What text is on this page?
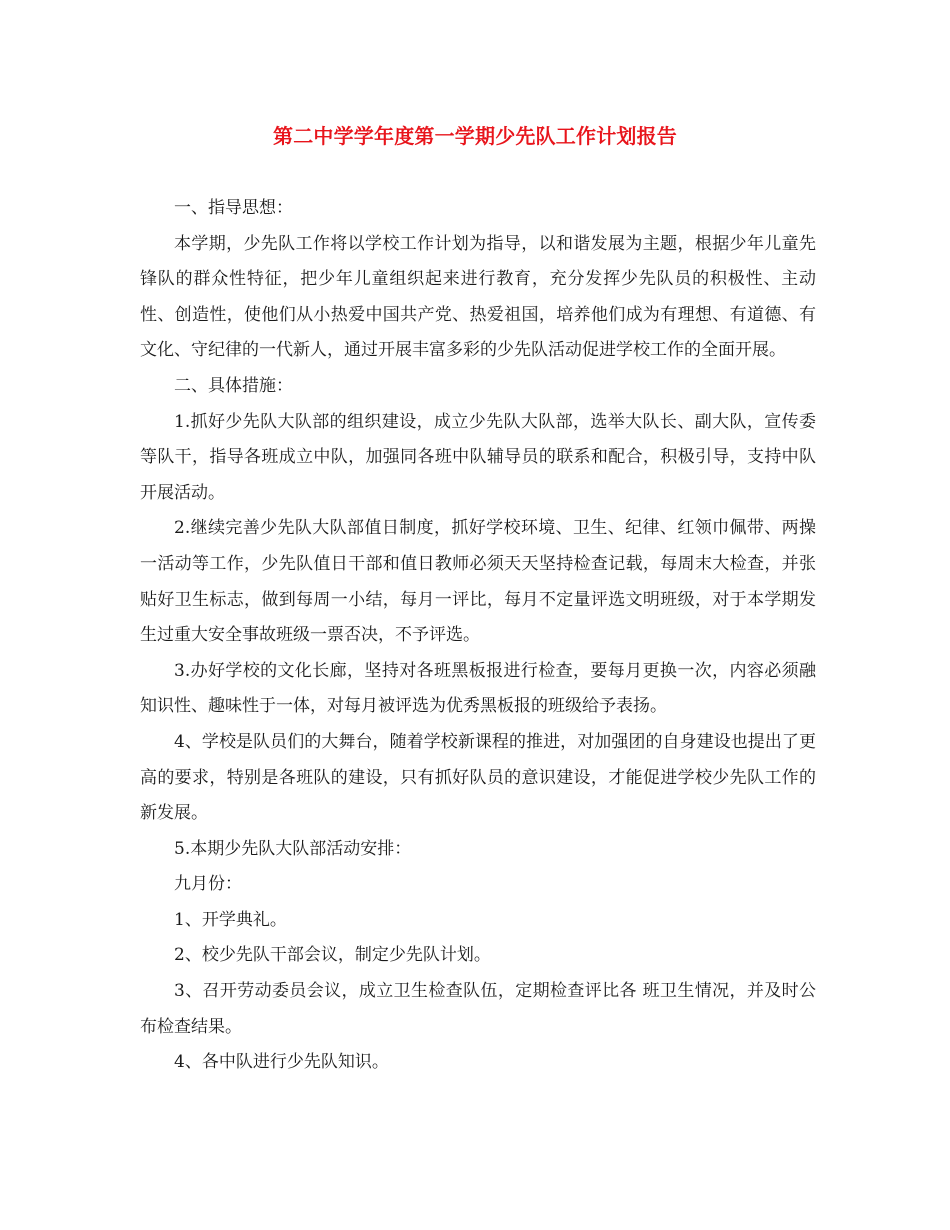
第二中学学年度第一学期少先队工作计划报告

一、指导思想：

本学期，少先队工作将以学校工作计划为指导，以和谐发展为主题，根据少年儿童先锋队的群众性特征，把少年儿童组织起来进行教育，充分发挥少先队员的积极性、主动性、创造性，使他们从小热爱中国共产党、热爱祖国，培养他们成为有理想、有道德、有文化、守纪律的一代新人，通过开展丰富多彩的少先队活动促进学校工作的全面开展。

二、具体措施：

1.抓好少先队大队部的组织建设，成立少先队大队部，选举大队长、副大队，宣传委等队干，指导各班成立中队，加强同各班中队辅导员的联系和配合，积极引导，支持中队开展活动。

2.继续完善少先队大队部值日制度，抓好学校环境、卫生、纪律、红领巾佩带、两操一活动等工作，少先队值日干部和值日教师必须天天坚持检查记载，每周末大检查，并张贴好卫生标志，做到每周一小结，每月一评比，每月不定量评选文明班级，对于本学期发生过重大安全事故班级一票否决，不予评选。

3.办好学校的文化长廊，坚持对各班黑板报进行检查，要每月更换一次，内容必须融知识性、趣味性于一体，对每月被评选为优秀黑板报的班级给予表扬。

4、学校是队员们的大舞台，随着学校新课程的推进，对加强团的自身建设也提出了更高的要求，特别是各班队的建设，只有抓好队员的意识建设，才能促进学校少先队工作的新发展。

5.本期少先队大队部活动安排：

九月份：

1、开学典礼。

2、校少先队干部会议，制定少先队计划。

3、召开劳动委员会议，成立卫生检查队伍，定期检查评比各 班卫生情况，并及时公布检查结果。

4、各中队进行少先队知识。
